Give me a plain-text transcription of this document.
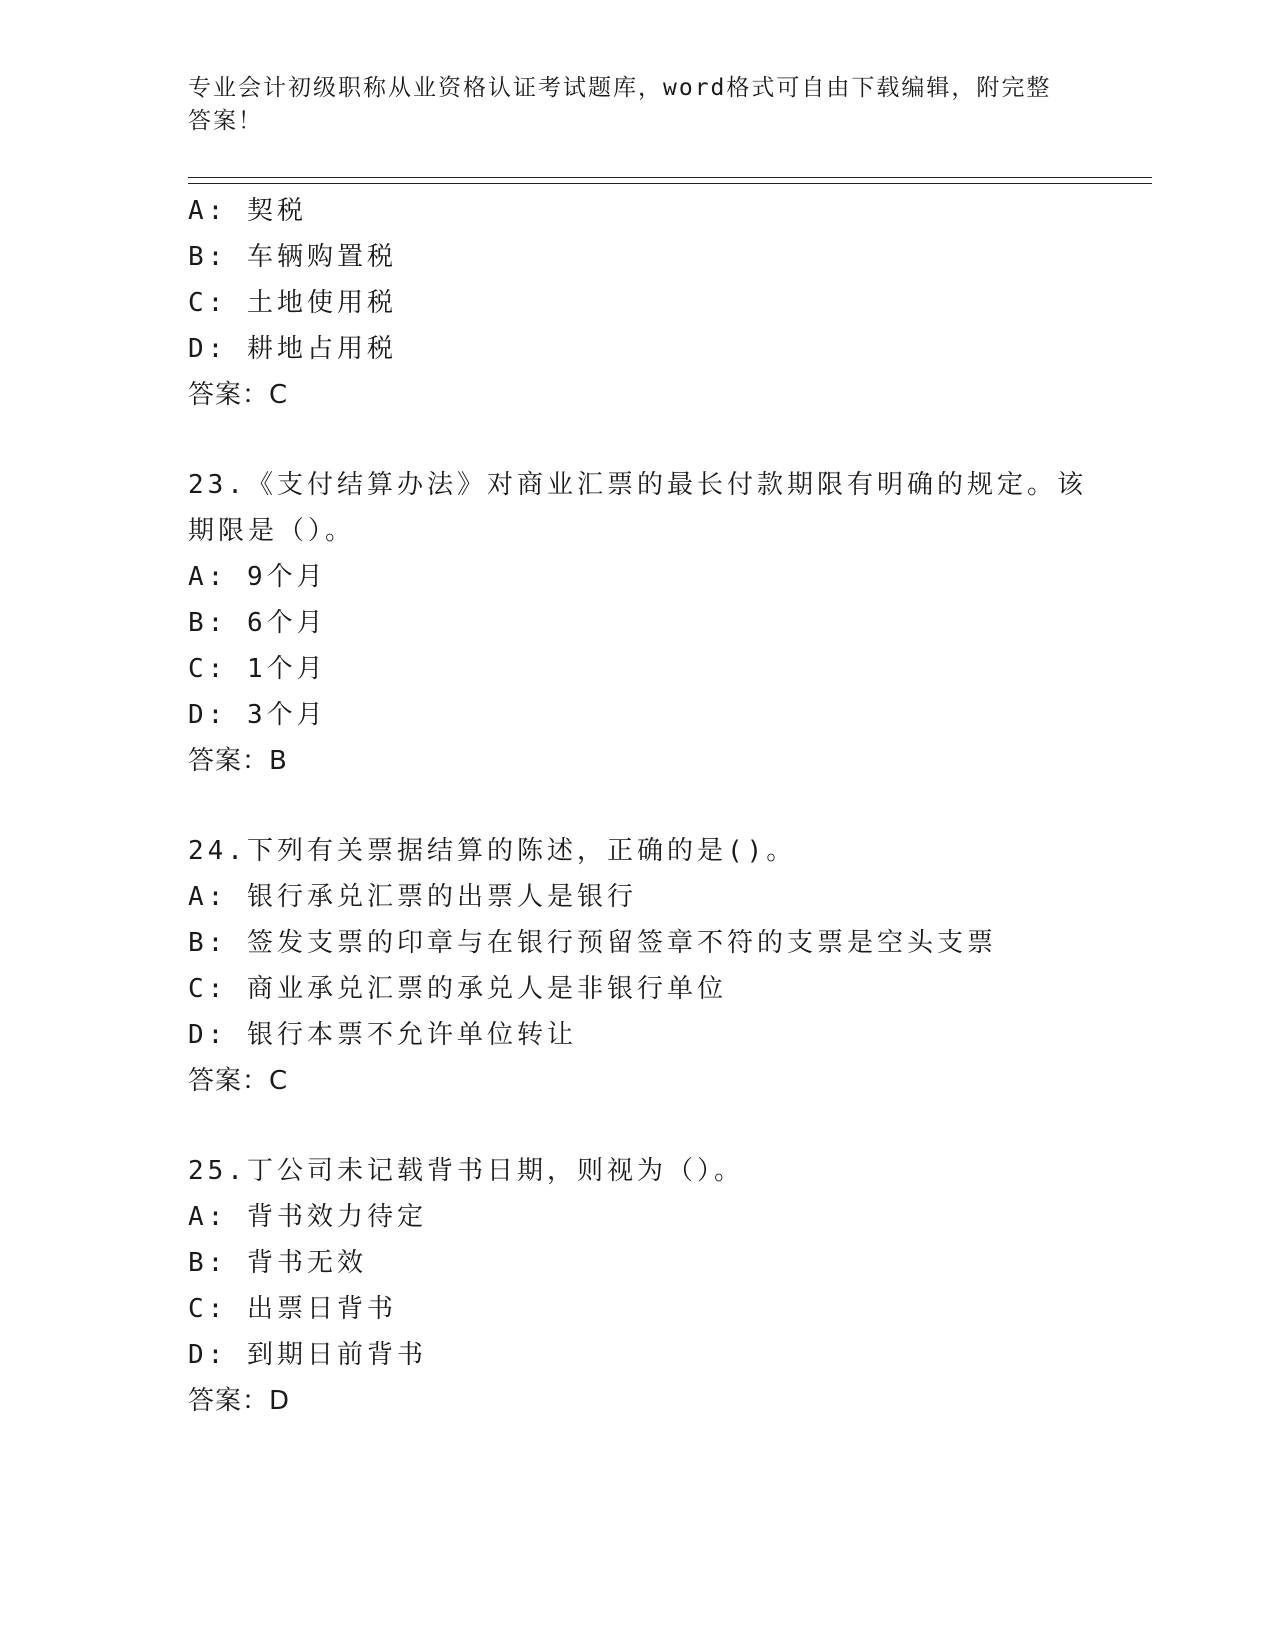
专业会计初级职称从业资格认证考试题库，word格式可自由下载编辑，附完整答案！
A: 契税
B: 车辆购置税
C: 土地使用税
D: 耕地占用税
答案：C
23.《支付结算办法》对商业汇票的最长付款期限有明确的规定。该期限是（）。
A: 9个月
B: 6个月
C: 1个月
D: 3个月
答案：B
24.下列有关票据结算的陈述，正确的是()。
A: 银行承兑汇票的出票人是银行
B: 签发支票的印章与在银行预留签章不符的支票是空头支票
C: 商业承兑汇票的承兑人是非银行单位
D: 银行本票不允许单位转让
答案：C
25.丁公司未记载背书日期，则视为（）。
A: 背书效力待定
B: 背书无效
C: 出票日背书
D: 到期日前背书
答案：D
